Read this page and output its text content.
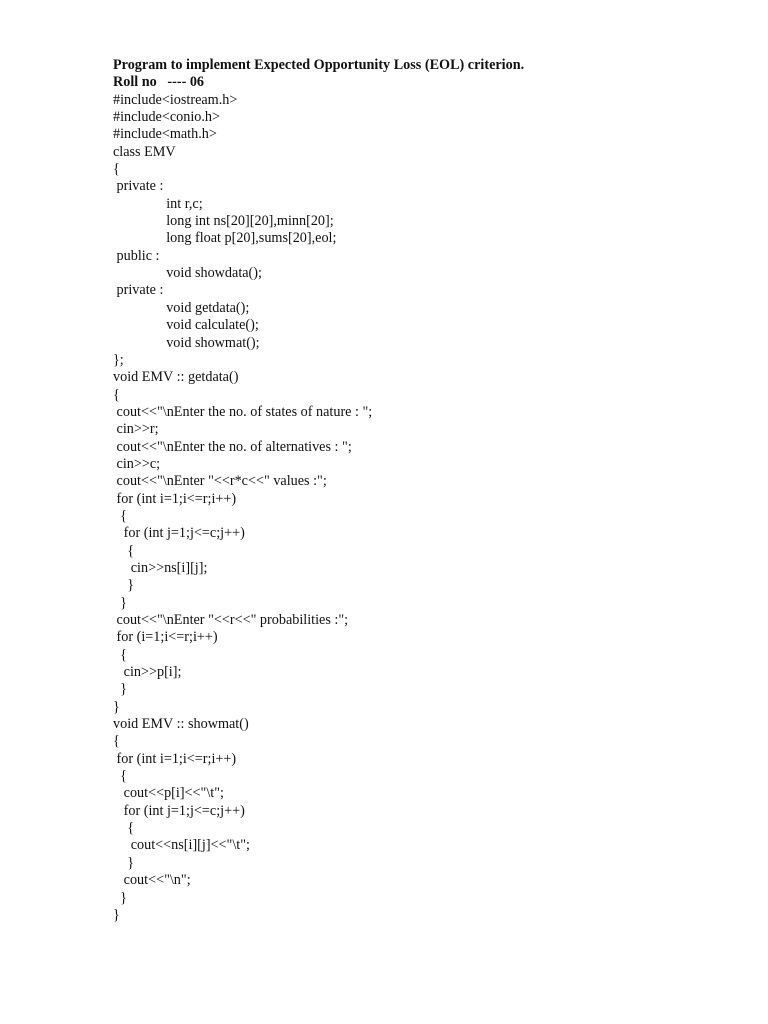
Program to implement Expected Opportunity Loss (EOL) criterion.
Roll no   ---- 06
#include<iostream.h>
#include<conio.h>
#include<math.h>
class EMV
{
private :
int r,c;
long int ns[20][20],minn[20];
long float p[20],sums[20],eol;
public :
void showdata();
private :
void getdata();
void calculate();
void showmat();
};
void EMV :: getdata()
{
cout<<"\nEnter the no. of states of nature : ";
cin>>r;
cout<<"\nEnter the no. of alternatives : ";
cin>>c;
cout<<"\nEnter "<<r*c<<" values :";
for (int i=1;i<=r;i++)
{
for (int j=1;j<=c;j++)
{
cin>>ns[i][j];
}
}
cout<<"\nEnter "<<r<<" probabilities :";
for (i=1;i<=r;i++)
{
cin>>p[i];
}
}
void EMV :: showmat()
{
for (int i=1;i<=r;i++)
{
cout<<p[i]<<"\t";
for (int j=1;j<=c;j++)
{
cout<<ns[i][j]<<"\t";
}
cout<<"\n";
}
}
